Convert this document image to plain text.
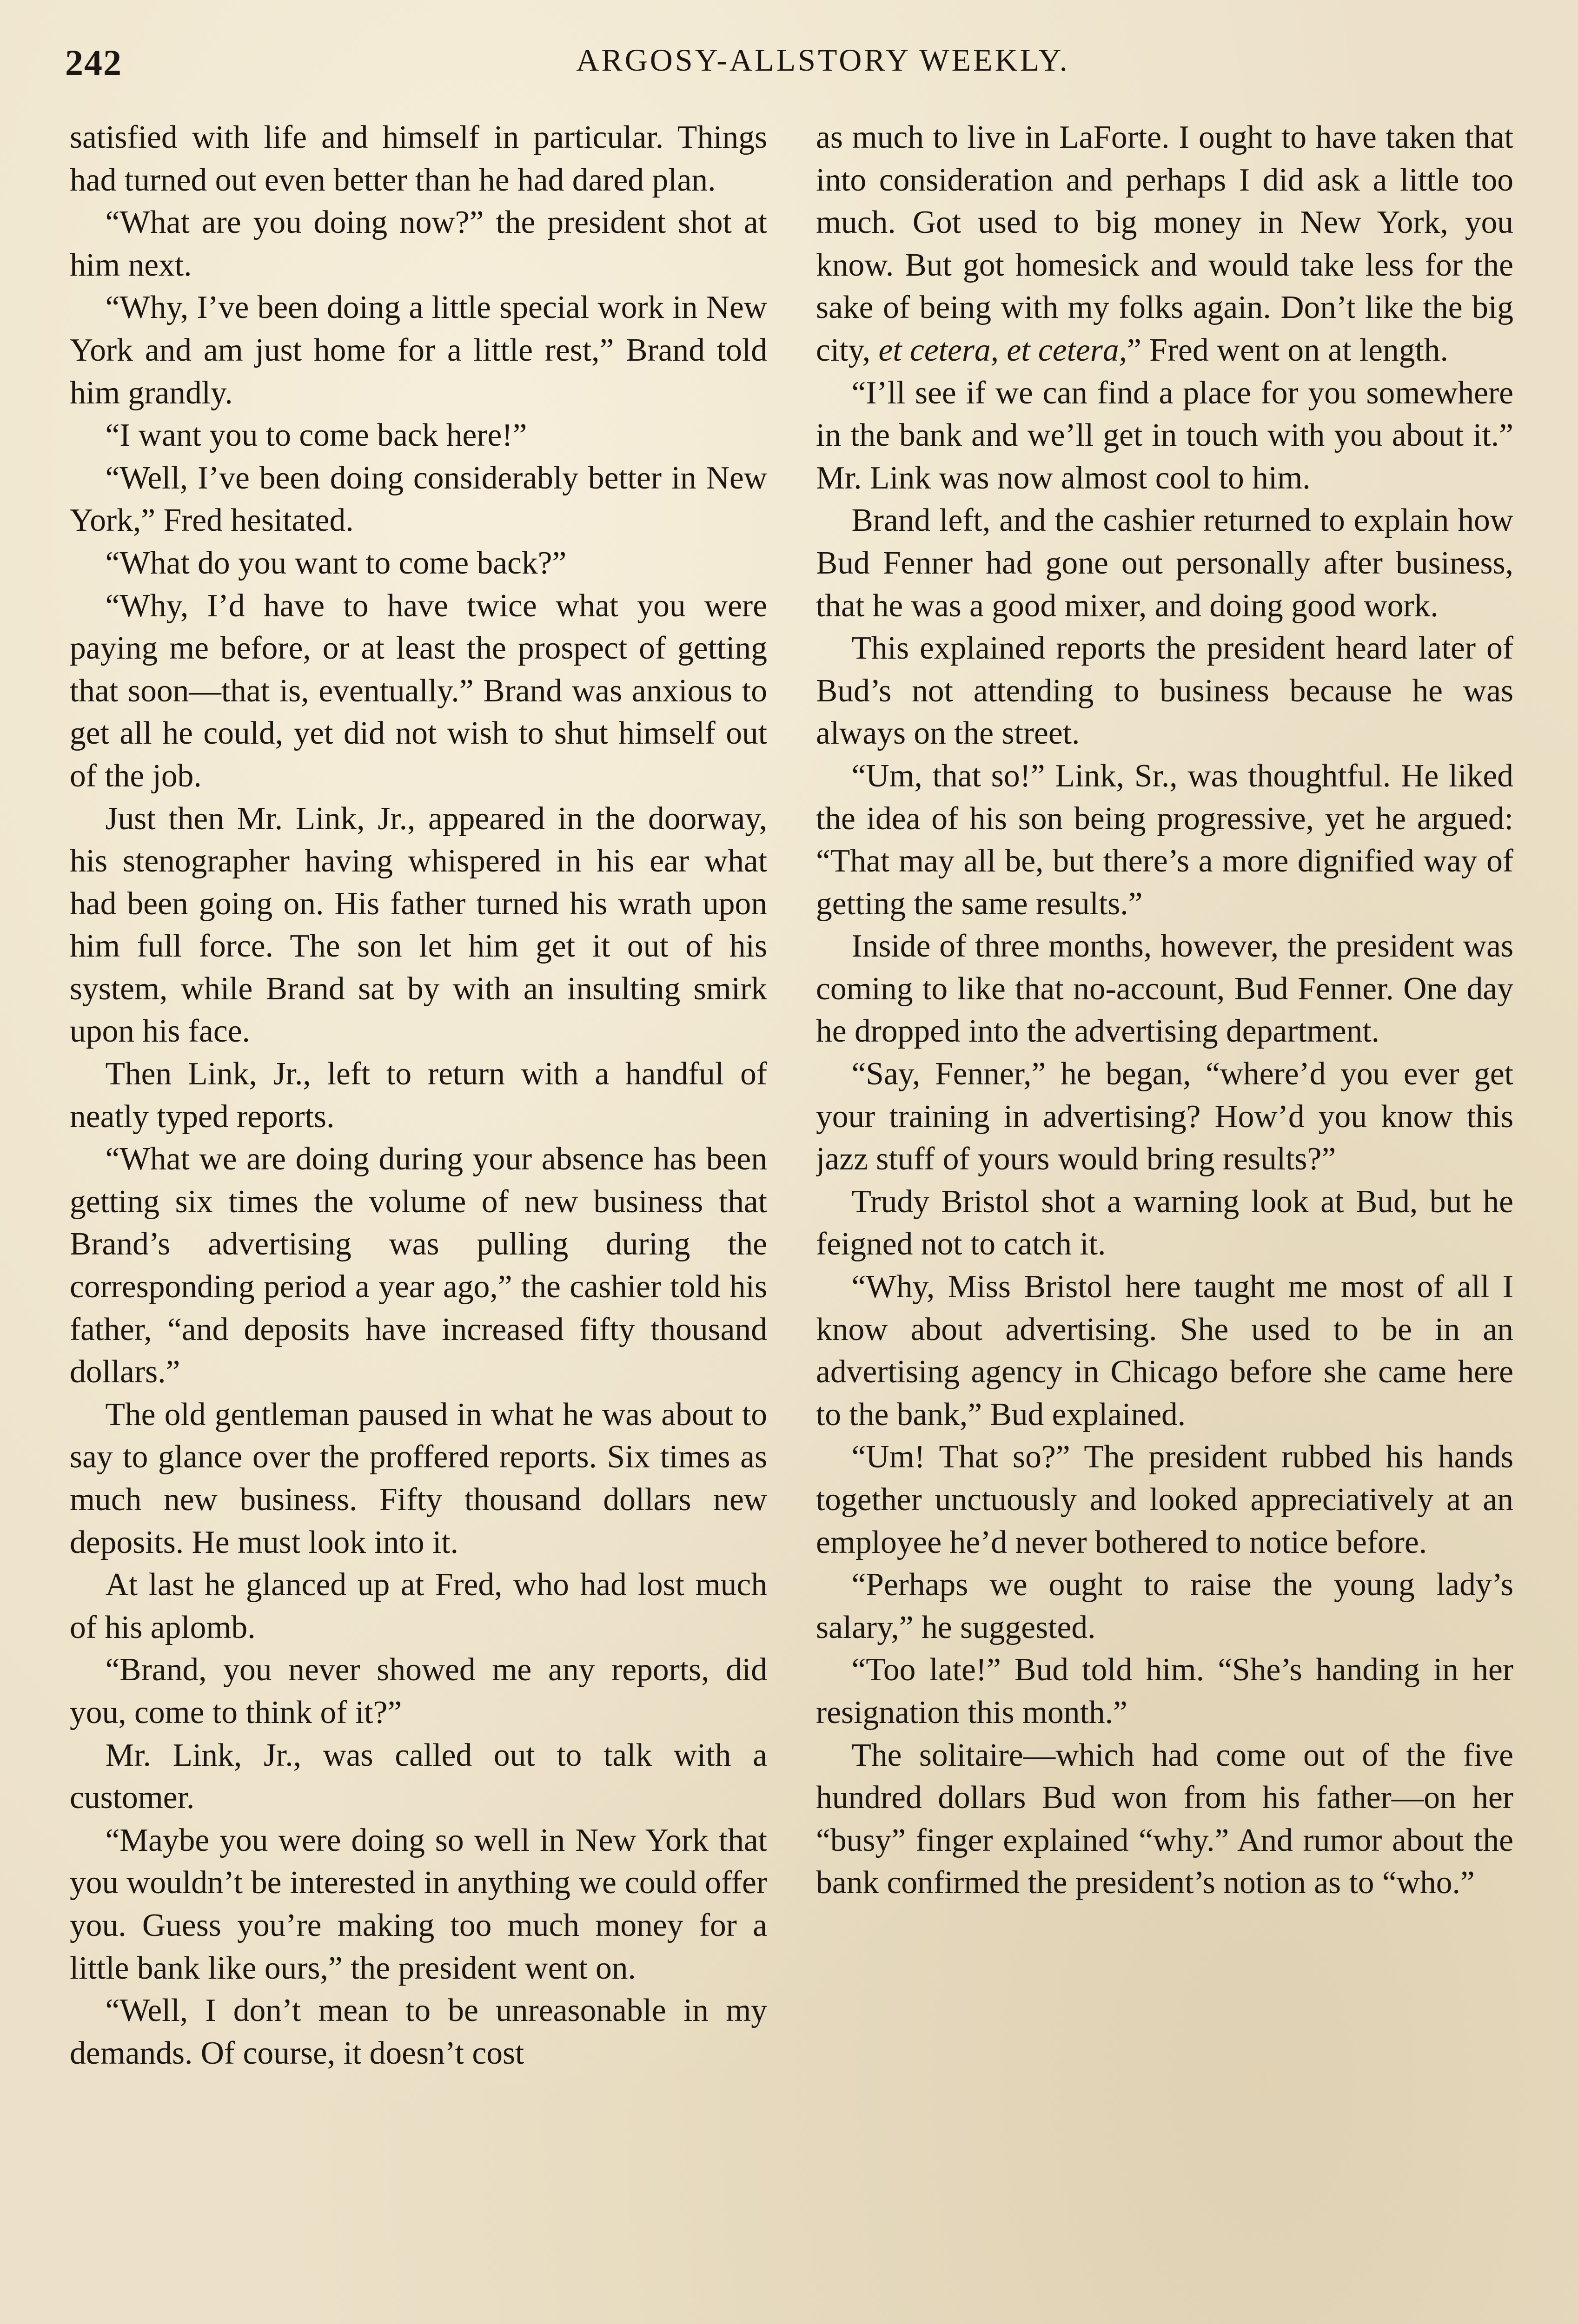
242	ARGOSY-ALLSTORY WEEKLY.

satisfied with life and himself in particular. Things had turned out even better than he had dared plan.

“What are you doing now?” the president shot at him next.

“Why, I’ve been doing a little special work in New York and am just home for a little rest,” Brand told him grandly.

“I want you to come back here!”

“Well, I’ve been doing considerably better in New York,” Fred hesitated.

“What do you want to come back?”

“Why, I’d have to have twice what you were paying me before, or at least the prospect of getting that soon—that is, eventually.” Brand was anxious to get all he could, yet did not wish to shut himself out of the job.

Just then Mr. Link, Jr., appeared in the doorway, his stenographer having whispered in his ear what had been going on. His father turned his wrath upon him full force. The son let him get it out of his system, while Brand sat by with an insulting smirk upon his face.

Then Link, Jr., left to return with a handful of neatly typed reports.

“What we are doing during your absence has been getting six times the volume of new business that Brand’s advertising was pulling during the corresponding period a year ago,” the cashier told his father, “and deposits have increased fifty thousand dollars.”

The old gentleman paused in what he was about to say to glance over the proffered reports. Six times as much new business. Fifty thousand dollars new deposits. He must look into it.

At last he glanced up at Fred, who had lost much of his aplomb.

“Brand, you never showed me any reports, did you, come to think of it?”

Mr. Link, Jr., was called out to talk with a customer.

“Maybe you were doing so well in New York that you wouldn’t be interested in anything we could offer you. Guess you’re making too much money for a little bank like ours,” the president went on.

“Well, I don’t mean to be unreasonable in my demands. Of course, it doesn’t cost

as much to live in LaForte. I ought to have taken that into consideration and perhaps I did ask a little too much. Got used to big money in New York, you know. But got homesick and would take less for the sake of being with my folks again. Don’t like the big city, et cetera, et cetera,” Fred went on at length.

“I’ll see if we can find a place for you somewhere in the bank and we’ll get in touch with you about it.” Mr. Link was now almost cool to him.

Brand left, and the cashier returned to explain how Bud Fenner had gone out personally after business, that he was a good mixer, and doing good work.

This explained reports the president heard later of Bud’s not attending to business because he was always on the street.

“Um, that so!” Link, Sr., was thoughtful. He liked the idea of his son being progressive, yet he argued: “That may all be, but there’s a more dignified way of getting the same results.”

Inside of three months, however, the president was coming to like that no-account, Bud Fenner. One day he dropped into the advertising department.

“Say, Fenner,” he began, “where’d you ever get your training in advertising? How’d you know this jazz stuff of yours would bring results?”

Trudy Bristol shot a warning look at Bud, but he feigned not to catch it.

“Why, Miss Bristol here taught me most of all I know about advertising. She used to be in an advertising agency in Chicago before she came here to the bank,” Bud explained.

“Um! That so?” The president rubbed his hands together unctuously and looked appreciatively at an employee he’d never bothered to notice before.

“Perhaps we ought to raise the young lady’s salary,” he suggested.

“Too late!” Bud told him. “She’s handing in her resignation this month.”

The solitaire—which had come out of the five hundred dollars Bud won from his father—on her “busy” finger explained “why.” And rumor about the bank confirmed the president’s notion as to “who.”
